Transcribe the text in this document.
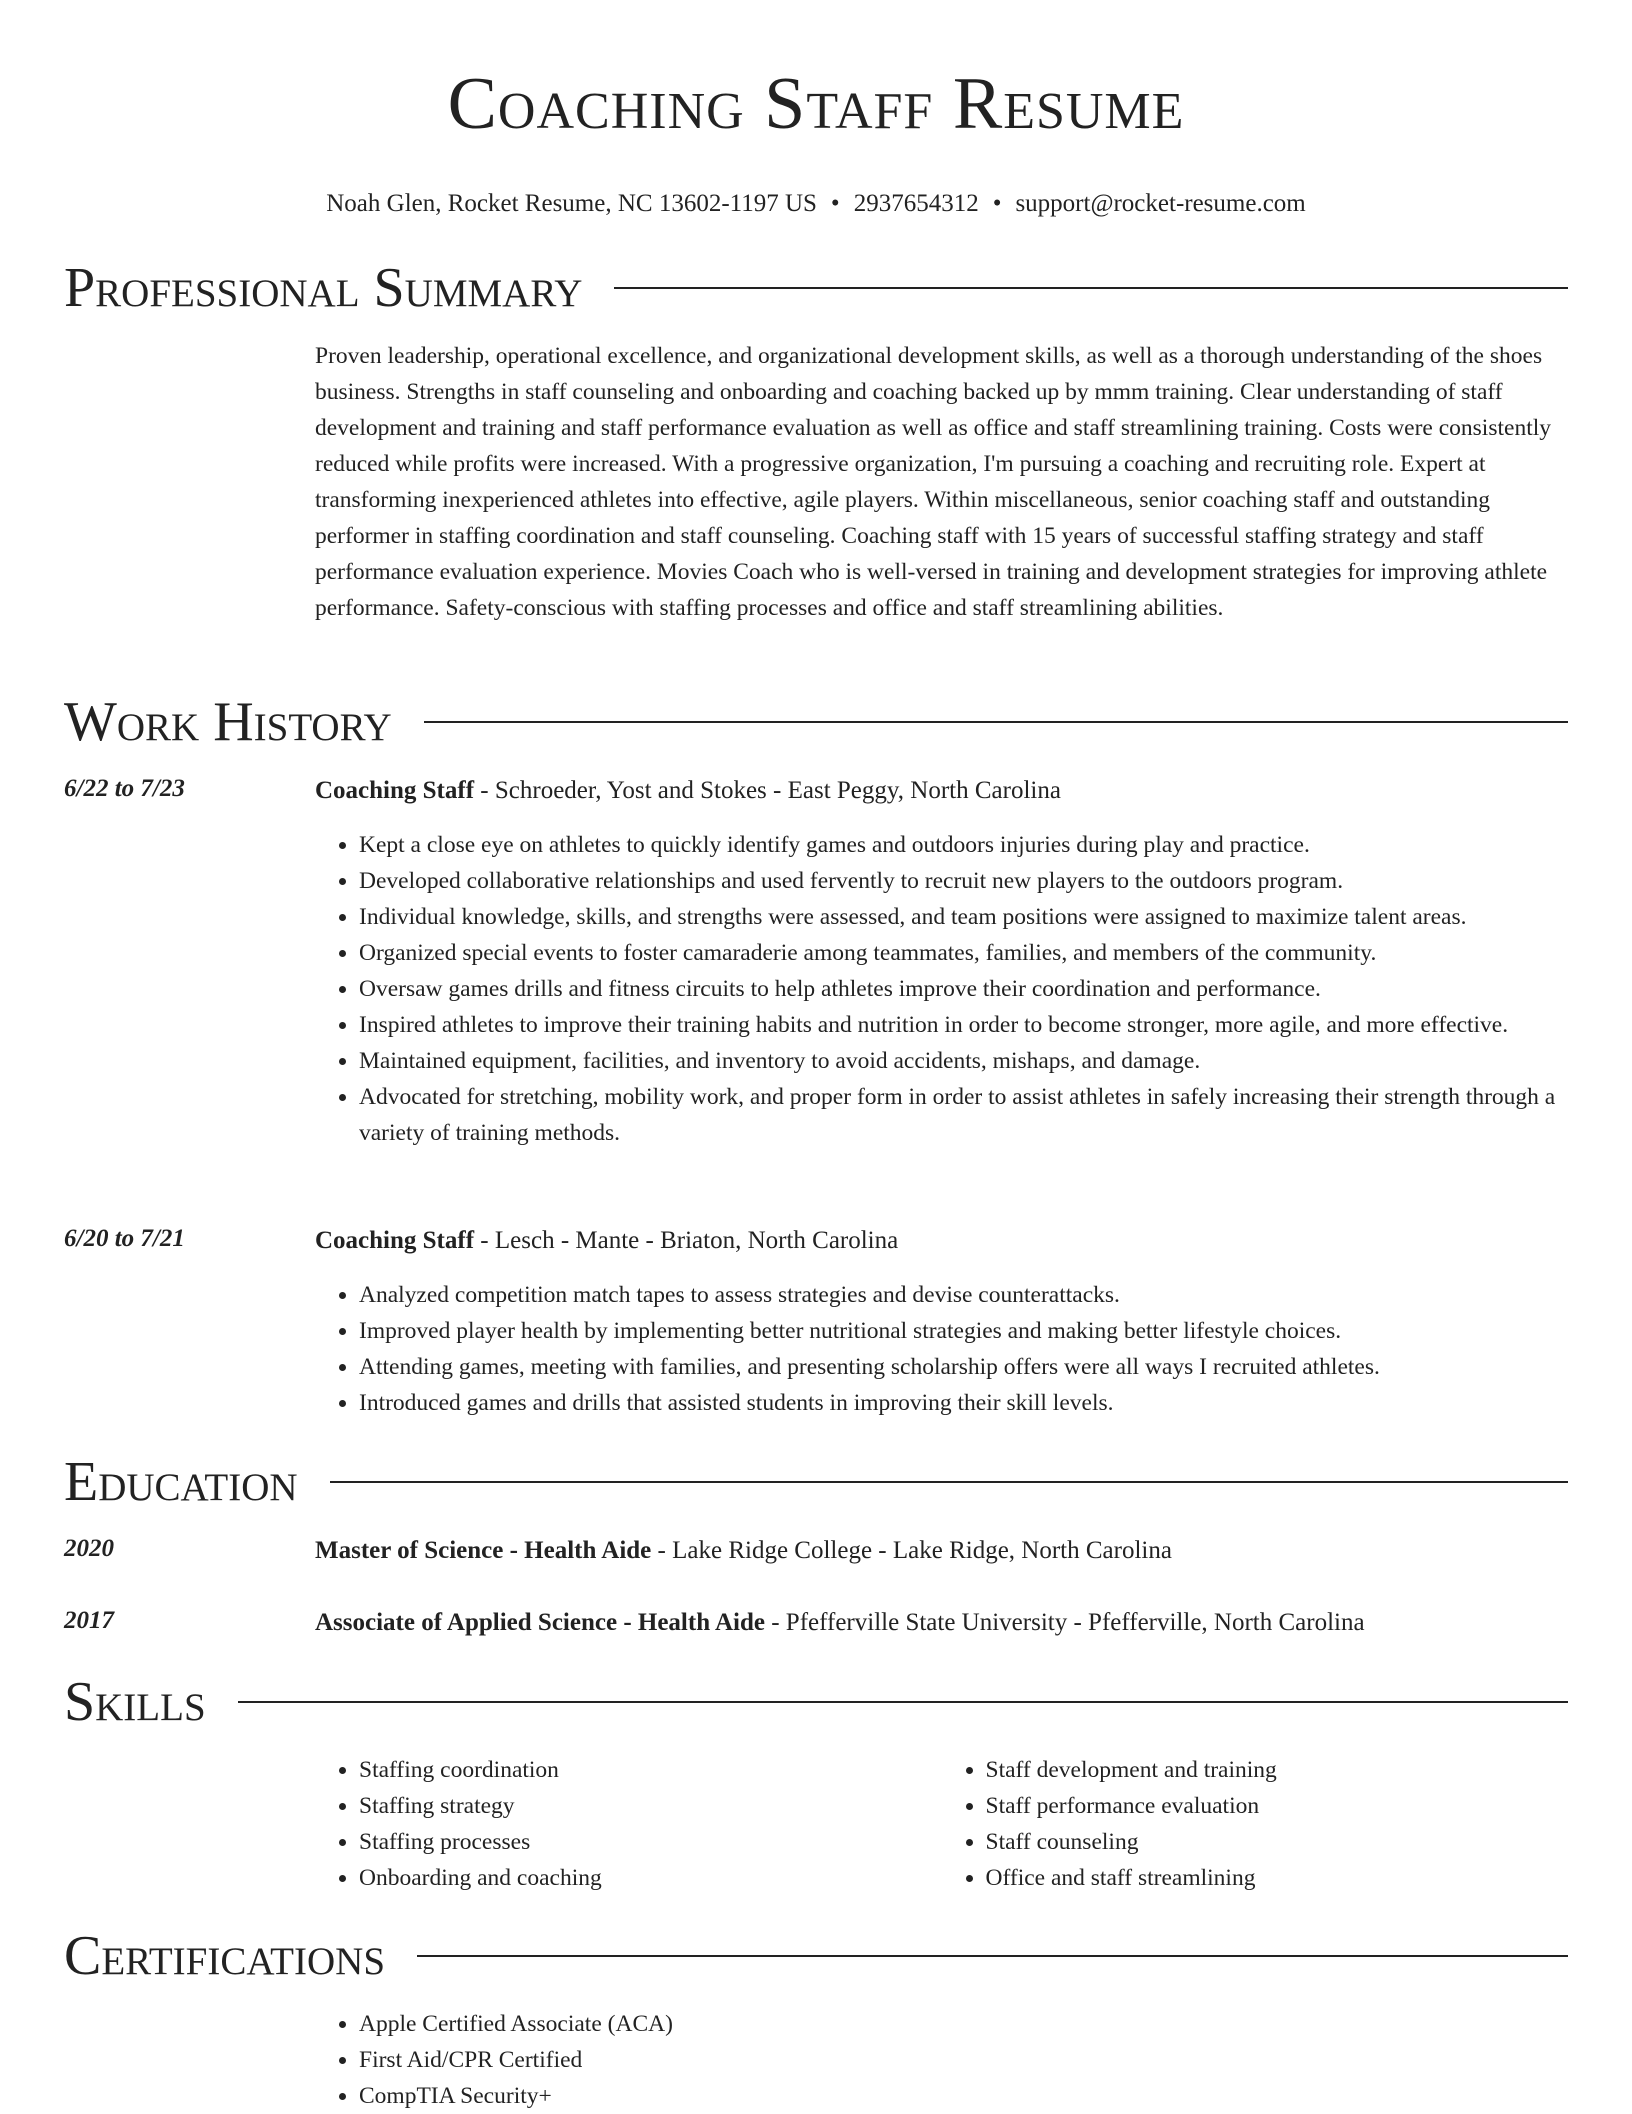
Coaching Staff Resume
Noah Glen, Rocket Resume, NC 13602-1197 US • 2937654312 • support@rocket-resume.com
Professional Summary

Proven leadership, operational excellence, and organizational development skills, as well as a thorough understanding of the shoes business. Strengths in staff counseling and onboarding and coaching backed up by mmm training. Clear understanding of staff development and training and staff performance evaluation as well as office and staff streamlining training. Costs were consistently reduced while profits were increased. With a progressive organization, I'm pursuing a coaching and recruiting role. Expert at transforming inexperienced athletes into effective, agile players. Within miscellaneous, senior coaching staff and outstanding performer in staffing coordination and staff counseling. Coaching staff with 15 years of successful staffing strategy and staff performance evaluation experience. Movies Coach who is well-versed in training and development strategies for improving athlete performance. Safety-conscious with staffing processes and office and staff streamlining abilities.

Work History
6/22 to 7/23	Coaching Staff - Schroeder, Yost and Stokes - East Peggy, North Carolina
• Kept a close eye on athletes to quickly identify games and outdoors injuries during play and practice.
• Developed collaborative relationships and used fervently to recruit new players to the outdoors program.
• Individual knowledge, skills, and strengths were assessed, and team positions were assigned to maximize talent areas.
• Organized special events to foster camaraderie among teammates, families, and members of the community.
• Oversaw games drills and fitness circuits to help athletes improve their coordination and performance.
• Inspired athletes to improve their training habits and nutrition in order to become stronger, more agile, and more effective.
• Maintained equipment, facilities, and inventory to avoid accidents, mishaps, and damage.
• Advocated for stretching, mobility work, and proper form in order to assist athletes in safely increasing their strength through a variety of training methods.
6/20 to 7/21	Coaching Staff - Lesch - Mante - Briaton, North Carolina
• Analyzed competition match tapes to assess strategies and devise counterattacks.
• Improved player health by implementing better nutritional strategies and making better lifestyle choices.
• Attending games, meeting with families, and presenting scholarship offers were all ways I recruited athletes.
• Introduced games and drills that assisted students in improving their skill levels.
Education
2020	Master of Science - Health Aide - Lake Ridge College - Lake Ridge, North Carolina
2017	Associate of Applied Science - Health Aide - Pfefferville State University - Pfefferville, North Carolina
Skills
• Staffing coordination
• Staffing strategy
• Staffing processes
• Onboarding and coaching
• Staff development and training
• Staff performance evaluation
• Staff counseling
• Office and staff streamlining
Certifications
• Apple Certified Associate (ACA)
• First Aid/CPR Certified
• CompTIA Security+
